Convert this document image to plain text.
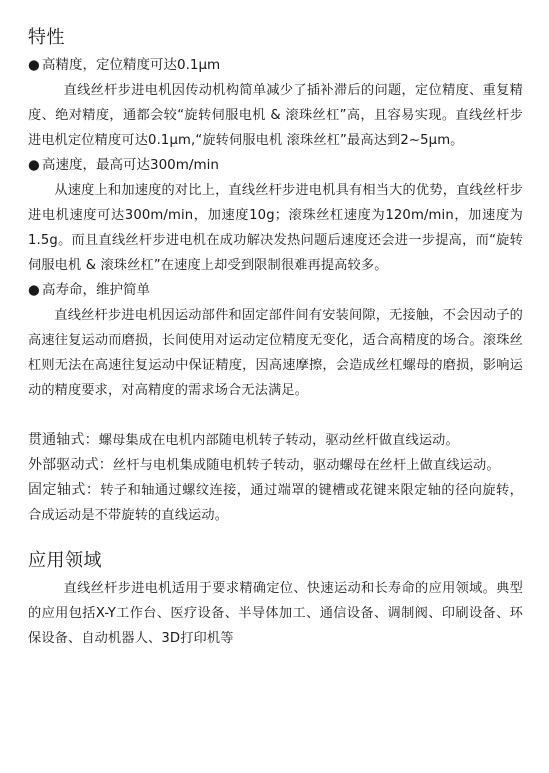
特性

● 高精度，定位精度可达0.1μm

直线丝杆步进电机因传动机构简单减少了插补滞后的问题，定位精度、重复精度、绝对精度，通都会较“旋转伺服电机 & 滚珠丝杠”高，且容易实现。直线丝杆步进电机定位精度可达0.1μm,“旋转伺服电机 滚珠丝杠”最高达到2~5μm。

● 高速度，最高可达300m/min

从速度上和加速度的对比上，直线丝杆步进电机具有相当大的优势，直线丝杆步进电机速度可达300m/min，加速度10g；滚珠丝杠速度为120m/min，加速度为1.5g。而且直线丝杆步进电机在成功解决发热问题后速度还会进一步提高，而“旋转伺服电机 & 滚珠丝杠”在速度上却受到限制很难再提高较多。

● 高寿命，维护简单

直线丝杆步进电机因运动部件和固定部件间有安装间隙，无接触，不会因动子的高速往复运动而磨损，长间使用对运动定位精度无变化，适合高精度的场合。滚珠丝杠则无法在高速往复运动中保证精度，因高速摩擦，会造成丝杠螺母的磨损，影响运动的精度要求，对高精度的需求场合无法满足。

贯通轴式：螺母集成在电机内部随电机转子转动，驱动丝杆做直线运动。

外部驱动式：丝杆与电机集成随电机转子转动，驱动螺母在丝杆上做直线运动。

固定轴式：转子和轴通过螺纹连接，通过端罩的键槽或花键来限定轴的径向旋转，合成运动是不带旋转的直线运动。

应用领域

直线丝杆步进电机适用于要求精确定位、快速运动和长寿命的应用领域。典型的应用包括X-Y工作台、医疗设备、半导体加工、通信设备、调制阀、印刷设备、环保设备、自动机器人、3D打印机等
